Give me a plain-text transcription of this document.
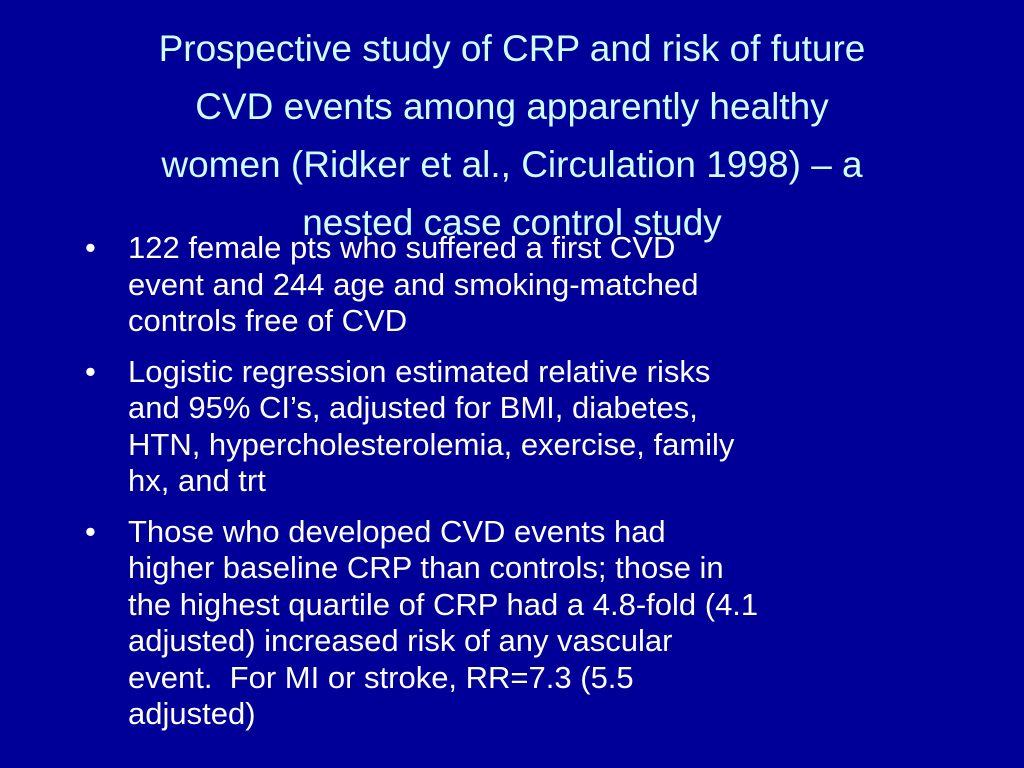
Prospective study of CRP and risk of future
CVD events among apparently healthy
women (Ridker et al., Circulation 1998) – a
nested case control study
•	122 female pts who suffered a first CVD
event and 244 age and smoking-matched
controls free of CVD
•	Logistic regression estimated relative risks
and 95% CI’s, adjusted for BMI, diabetes,
HTN, hypercholesterolemia, exercise, family
hx, and trt
•	Those who developed CVD events had
higher baseline CRP than controls; those in
the highest quartile of CRP had a 4.8-fold (4.1
adjusted) increased risk of any vascular
event.  For MI or stroke, RR=7.3 (5.5
adjusted)
